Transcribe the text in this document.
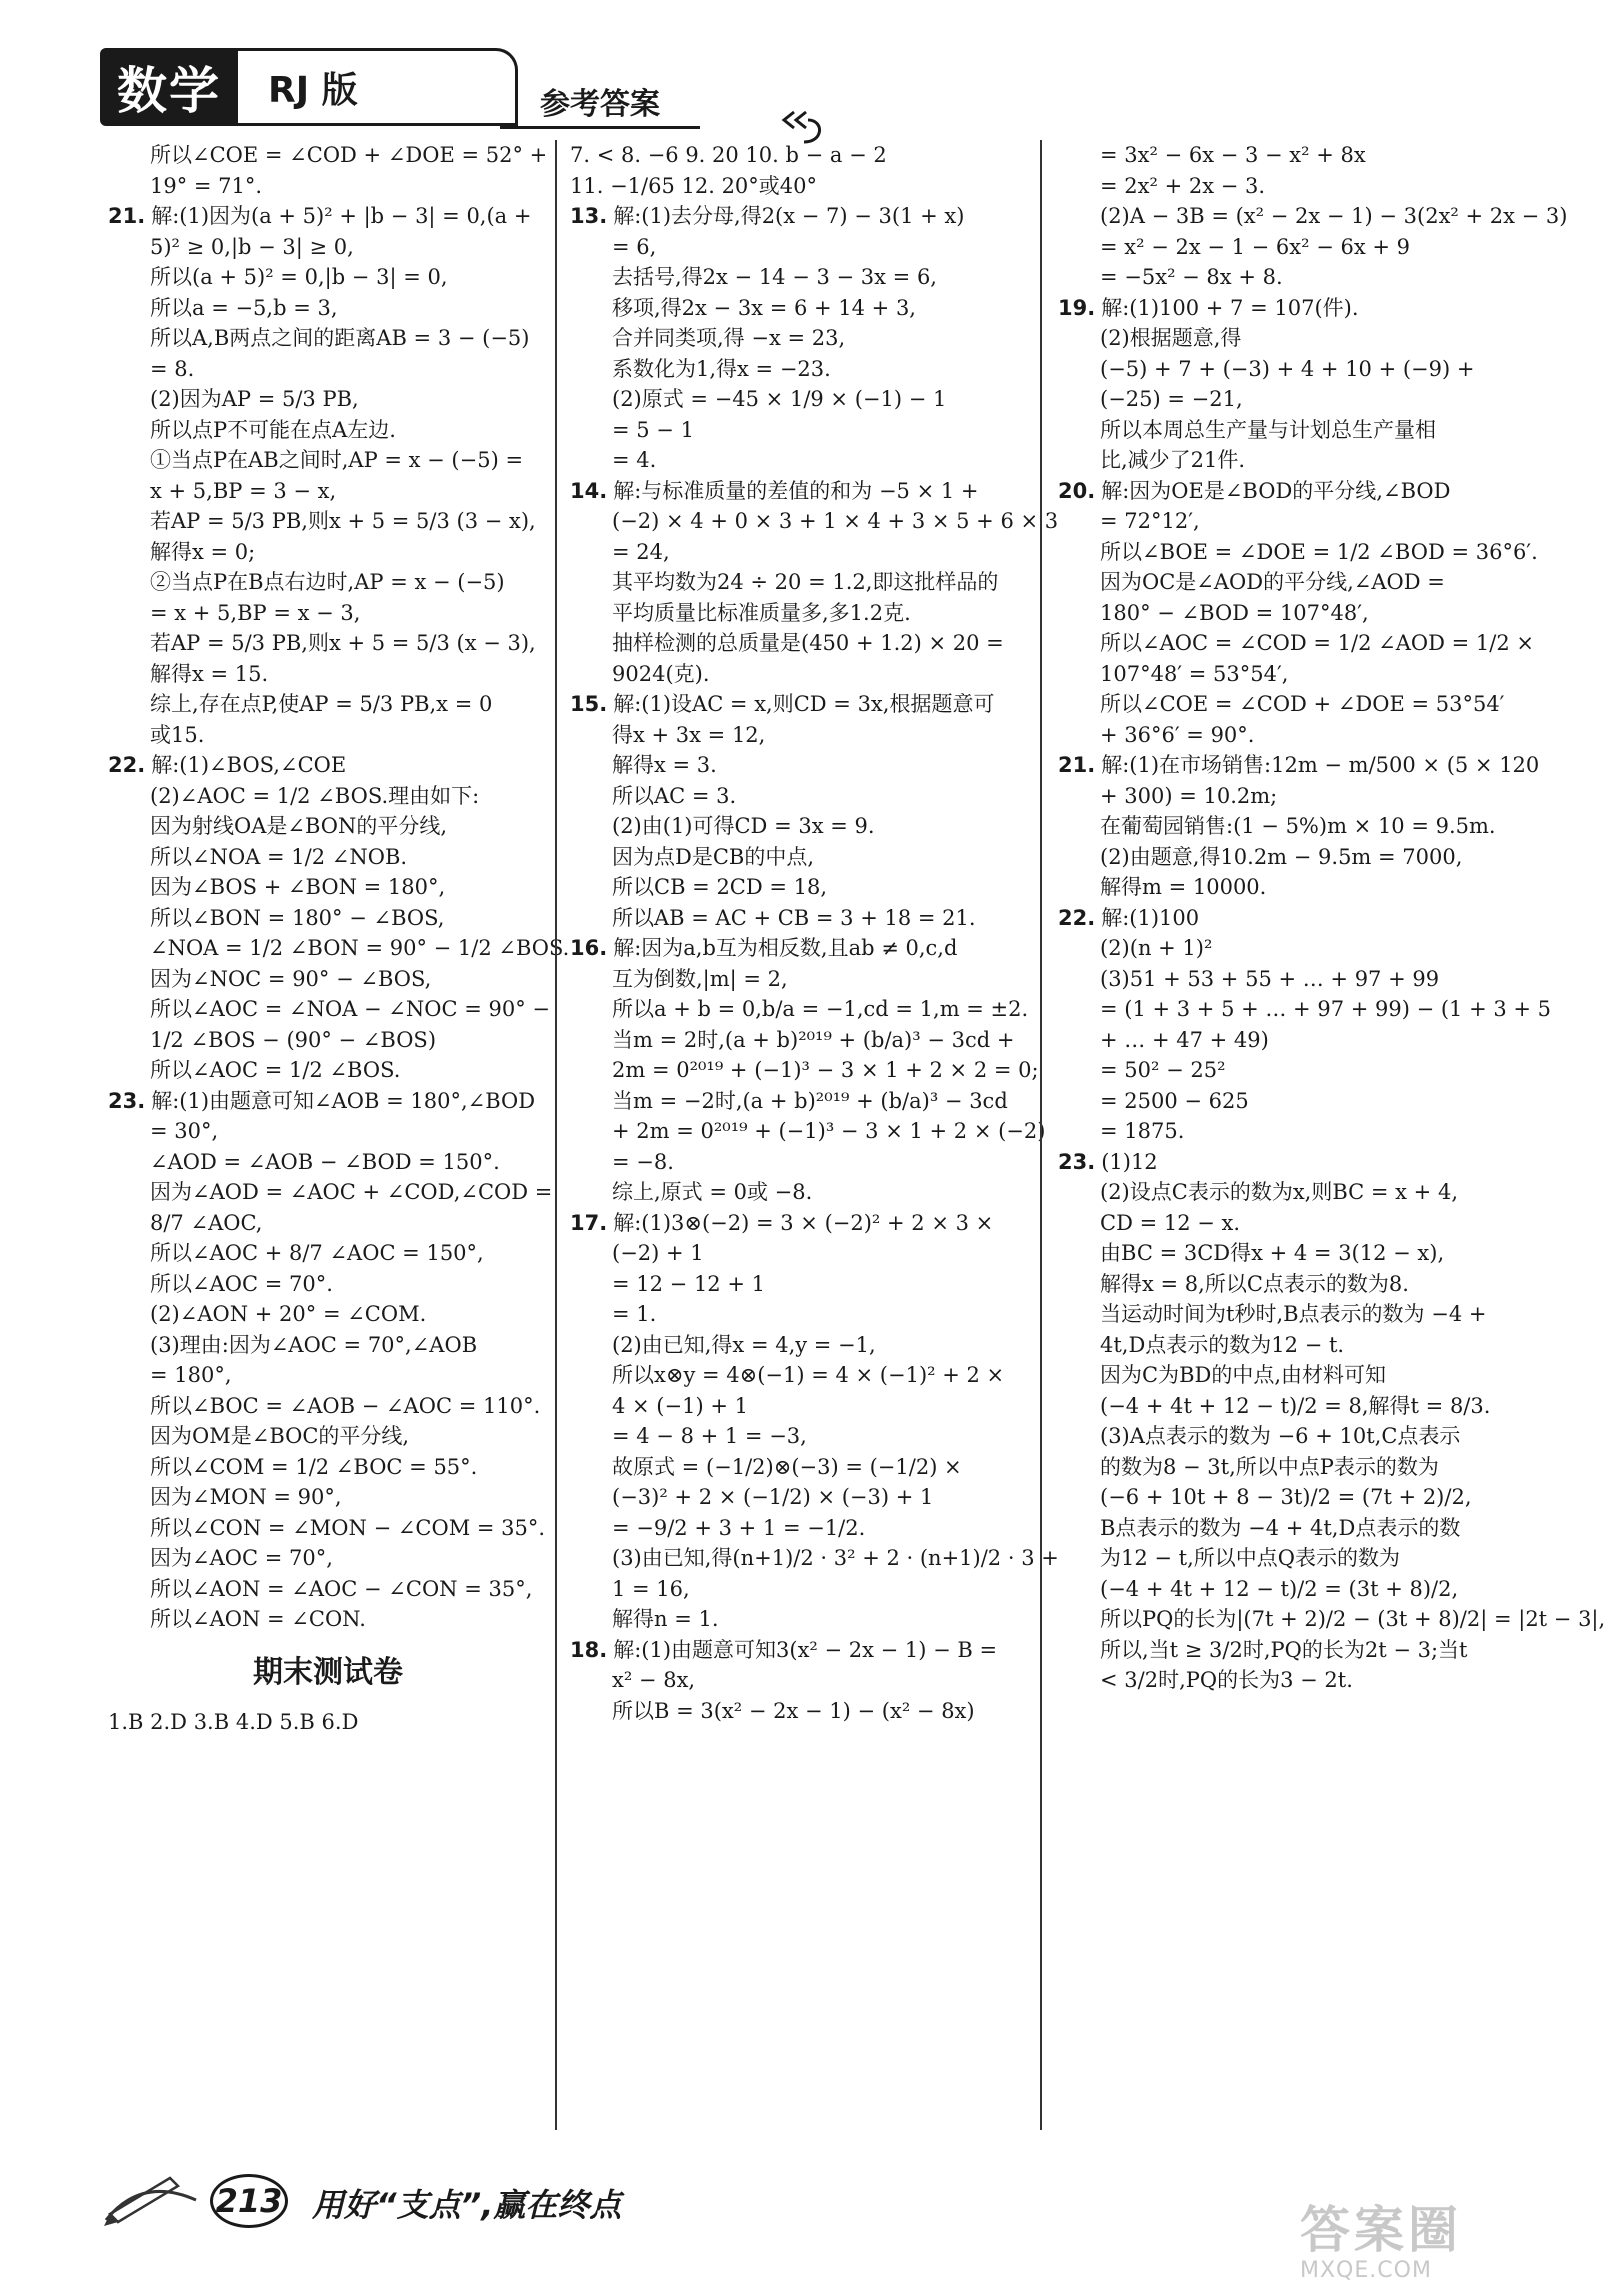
数学	RJ 版	参考答案
所以∠COE = ∠COD + ∠DOE = 52° +
19° = 71°.
21. 解:(1)因为(a + 5)² + |b − 3| = 0,(a +
5)² ≥ 0,|b − 3| ≥ 0,
所以(a + 5)² = 0,|b − 3| = 0,
所以a = −5,b = 3,
所以A,B两点之间的距离AB = 3 − (−5)
= 8.
(2)因为AP = 5/3 PB,
所以点P不可能在点A左边.
①当点P在AB之间时,AP = x − (−5) =
x + 5,BP = 3 − x,
若AP = 5/3 PB,则x + 5 = 5/3 (3 − x),
解得x = 0;
②当点P在B点右边时,AP = x − (−5)
= x + 5,BP = x − 3,
若AP = 5/3 PB,则x + 5 = 5/3 (x − 3),
解得x = 15.
综上,存在点P,使AP = 5/3 PB,x = 0
或15.
22. 解:(1)∠BOS,∠COE
(2)∠AOC = 1/2 ∠BOS.理由如下:
因为射线OA是∠BON的平分线,
所以∠NOA = 1/2 ∠NOB.
因为∠BOS + ∠BON = 180°,
所以∠BON = 180° − ∠BOS,
∠NOA = 1/2 ∠BON = 90° − 1/2 ∠BOS.
因为∠NOC = 90° − ∠BOS,
所以∠AOC = ∠NOA − ∠NOC = 90° −
1/2 ∠BOS − (90° − ∠BOS)
所以∠AOC = 1/2 ∠BOS.
23. 解:(1)由题意可知∠AOB = 180°,∠BOD
= 30°,
∠AOD = ∠AOB − ∠BOD = 150°.
因为∠AOD = ∠AOC + ∠COD,∠COD =
8/7 ∠AOC,
所以∠AOC + 8/7 ∠AOC = 150°,
所以∠AOC = 70°.
(2)∠AON + 20° = ∠COM.
(3)理由:因为∠AOC = 70°,∠AOB
= 180°,
所以∠BOC = ∠AOB − ∠AOC = 110°.
因为OM是∠BOC的平分线,
所以∠COM = 1/2 ∠BOC = 55°.
因为∠MON = 90°,
所以∠CON = ∠MON − ∠COM = 35°.
因为∠AOC = 70°,
所以∠AON = ∠AOC − ∠CON = 35°,
所以∠AON = ∠CON.
期末测试卷
1.B 2.D 3.B 4.D 5.B 6.D
7. < 8. −6 9. 20 10. b − a − 2
11. −1/65 12. 20°或40°
13. 解:(1)去分母,得2(x − 7) − 3(1 + x)
= 6,
去括号,得2x − 14 − 3 − 3x = 6,
移项,得2x − 3x = 6 + 14 + 3,
合并同类项,得 −x = 23,
系数化为1,得x = −23.
(2)原式 = −45 × 1/9 × (−1) − 1
= 5 − 1
= 4.
14. 解:与标准质量的差值的和为 −5 × 1 +
(−2) × 4 + 0 × 3 + 1 × 4 + 3 × 5 + 6 × 3
= 24,
其平均数为24 ÷ 20 = 1.2,即这批样品的
平均质量比标准质量多,多1.2克.
抽样检测的总质量是(450 + 1.2) × 20 =
9024(克).
15. 解:(1)设AC = x,则CD = 3x,根据题意可
得x + 3x = 12,
解得x = 3.
所以AC = 3.
(2)由(1)可得CD = 3x = 9.
因为点D是CB的中点,
所以CB = 2CD = 18,
所以AB = AC + CB = 3 + 18 = 21.
16. 解:因为a,b互为相反数,且ab ≠ 0,c,d
互为倒数,|m| = 2,
所以a + b = 0,b/a = −1,cd = 1,m = ±2.
当m = 2时,(a + b)²⁰¹⁹ + (b/a)³ − 3cd +
2m = 0²⁰¹⁹ + (−1)³ − 3 × 1 + 2 × 2 = 0;
当m = −2时,(a + b)²⁰¹⁹ + (b/a)³ − 3cd
+ 2m = 0²⁰¹⁹ + (−1)³ − 3 × 1 + 2 × (−2)
= −8.
综上,原式 = 0或 −8.
17. 解:(1)3⊗(−2) = 3 × (−2)² + 2 × 3 ×
(−2) + 1
= 12 − 12 + 1
= 1.
(2)由已知,得x = 4,y = −1,
所以x⊗y = 4⊗(−1) = 4 × (−1)² + 2 ×
4 × (−1) + 1
= 4 − 8 + 1 = −3,
故原式 = (−1/2)⊗(−3) = (−1/2) ×
(−3)² + 2 × (−1/2) × (−3) + 1
= −9/2 + 3 + 1 = −1/2.
(3)由已知,得(n+1)/2 · 3² + 2 · (n+1)/2 · 3 +
1 = 16,
解得n = 1.
18. 解:(1)由题意可知3(x² − 2x − 1) − B =
x² − 8x,
所以B = 3(x² − 2x − 1) − (x² − 8x)
= 3x² − 6x − 3 − x² + 8x
= 2x² + 2x − 3.
(2)A − 3B = (x² − 2x − 1) − 3(2x² + 2x − 3)
= x² − 2x − 1 − 6x² − 6x + 9
= −5x² − 8x + 8.
19. 解:(1)100 + 7 = 107(件).
(2)根据题意,得
(−5) + 7 + (−3) + 4 + 10 + (−9) +
(−25) = −21,
所以本周总生产量与计划总生产量相
比,减少了21件.
20. 解:因为OE是∠BOD的平分线,∠BOD
= 72°12′,
所以∠BOE = ∠DOE = 1/2 ∠BOD = 36°6′.
因为OC是∠AOD的平分线,∠AOD =
180° − ∠BOD = 107°48′,
所以∠AOC = ∠COD = 1/2 ∠AOD = 1/2 ×
107°48′ = 53°54′,
所以∠COE = ∠COD + ∠DOE = 53°54′
+ 36°6′ = 90°.
21. 解:(1)在市场销售:12m − m/500 × (5 × 120
+ 300) = 10.2m;
在葡萄园销售:(1 − 5%)m × 10 = 9.5m.
(2)由题意,得10.2m − 9.5m = 7000,
解得m = 10000.
22. 解:(1)100
(2)(n + 1)²
(3)51 + 53 + 55 + … + 97 + 99
= (1 + 3 + 5 + … + 97 + 99) − (1 + 3 + 5
+ … + 47 + 49)
= 50² − 25²
= 2500 − 625
= 1875.
23. (1)12
(2)设点C表示的数为x,则BC = x + 4,
CD = 12 − x.
由BC = 3CD得x + 4 = 3(12 − x),
解得x = 8,所以C点表示的数为8.
当运动时间为t秒时,B点表示的数为 −4 +
4t,D点表示的数为12 − t.
因为C为BD的中点,由材料可知
(−4 + 4t + 12 − t)/2 = 8,解得t = 8/3.
(3)A点表示的数为 −6 + 10t,C点表示
的数为8 − 3t,所以中点P表示的数为
(−6 + 10t + 8 − 3t)/2 = (7t + 2)/2,
B点表示的数为 −4 + 4t,D点表示的数
为12 − t,所以中点Q表示的数为
(−4 + 4t + 12 − t)/2 = (3t + 8)/2,
所以PQ的长为|(7t + 2)/2 − (3t + 8)/2| = |2t − 3|,
所以,当t ≥ 3/2时,PQ的长为2t − 3;当t
< 3/2时,PQ的长为3 − 2t.
213 用好“支点”,赢在终点	答案圈
MXQE.COM
